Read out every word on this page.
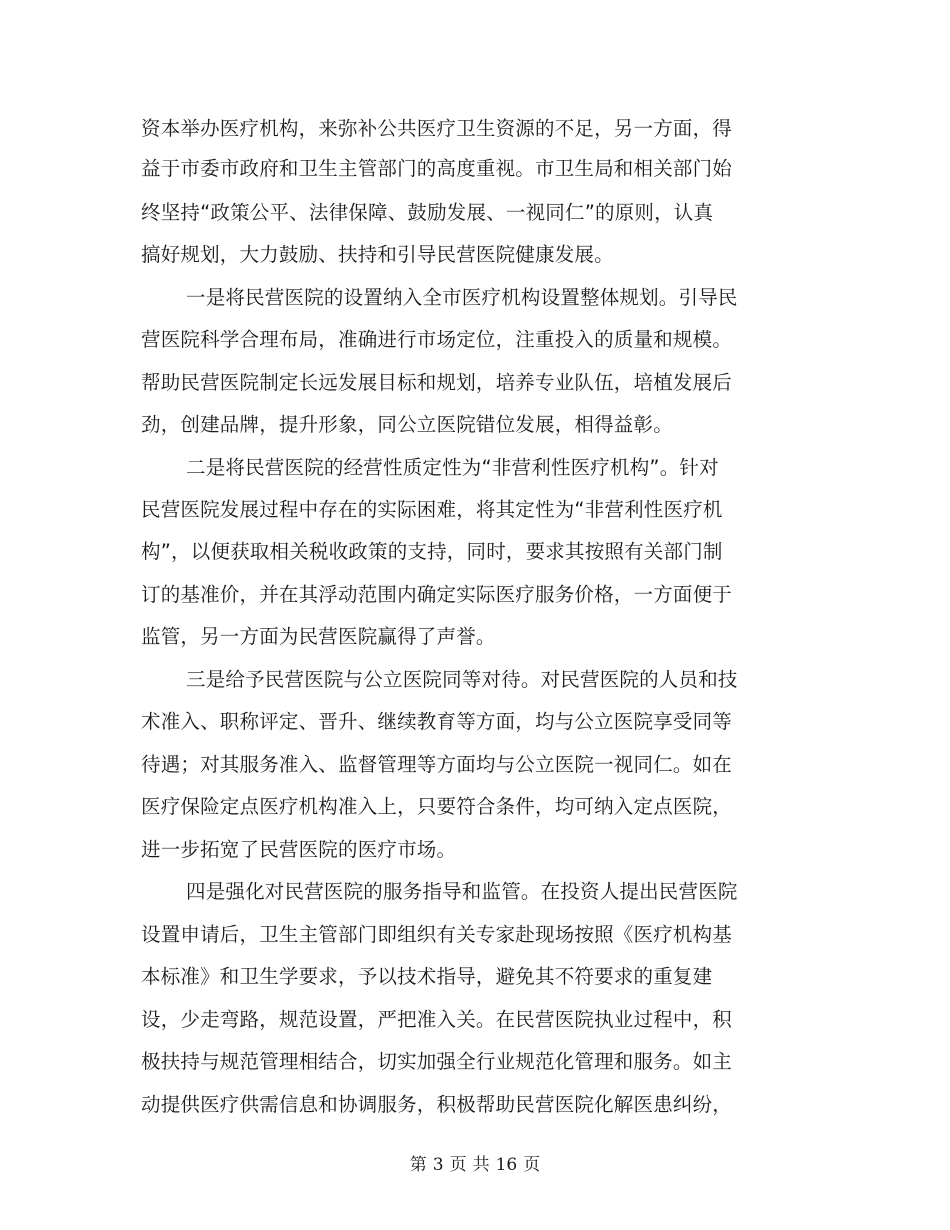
资本举办医疗机构，来弥补公共医疗卫生资源的不足，另一方面，得
益于市委市政府和卫生主管部门的高度重视。市卫生局和相关部门始
终坚持“政策公平、法律保障、鼓励发展、一视同仁”的原则，认真
搞好规划，大力鼓励、扶持和引导民营医院健康发展。
一是将民营医院的设置纳入全市医疗机构设置整体规划。引导民
营医院科学合理布局，准确进行市场定位，注重投入的质量和规模。
帮助民营医院制定长远发展目标和规划，培养专业队伍，培植发展后
劲，创建品牌，提升形象，同公立医院错位发展，相得益彰。
二是将民营医院的经营性质定性为“非营利性医疗机构”。针对
民营医院发展过程中存在的实际困难，将其定性为“非营利性医疗机
构”，以便获取相关税收政策的支持，同时，要求其按照有关部门制
订的基准价，并在其浮动范围内确定实际医疗服务价格，一方面便于
监管，另一方面为民营医院赢得了声誉。
三是给予民营医院与公立医院同等对待。对民营医院的人员和技
术准入、职称评定、晋升、继续教育等方面，均与公立医院享受同等
待遇；对其服务准入、监督管理等方面均与公立医院一视同仁。如在
医疗保险定点医疗机构准入上，只要符合条件，均可纳入定点医院，
进一步拓宽了民营医院的医疗市场。
四是强化对民营医院的服务指导和监管。在投资人提出民营医院
设置申请后，卫生主管部门即组织有关专家赴现场按照《医疗机构基
本标准》和卫生学要求，予以技术指导，避免其不符要求的重复建
设，少走弯路，规范设置，严把准入关。在民营医院执业过程中，积
极扶持与规范管理相结合，切实加强全行业规范化管理和服务。如主
动提供医疗供需信息和协调服务，积极帮助民营医院化解医患纠纷，
第 3 页 共 16 页
